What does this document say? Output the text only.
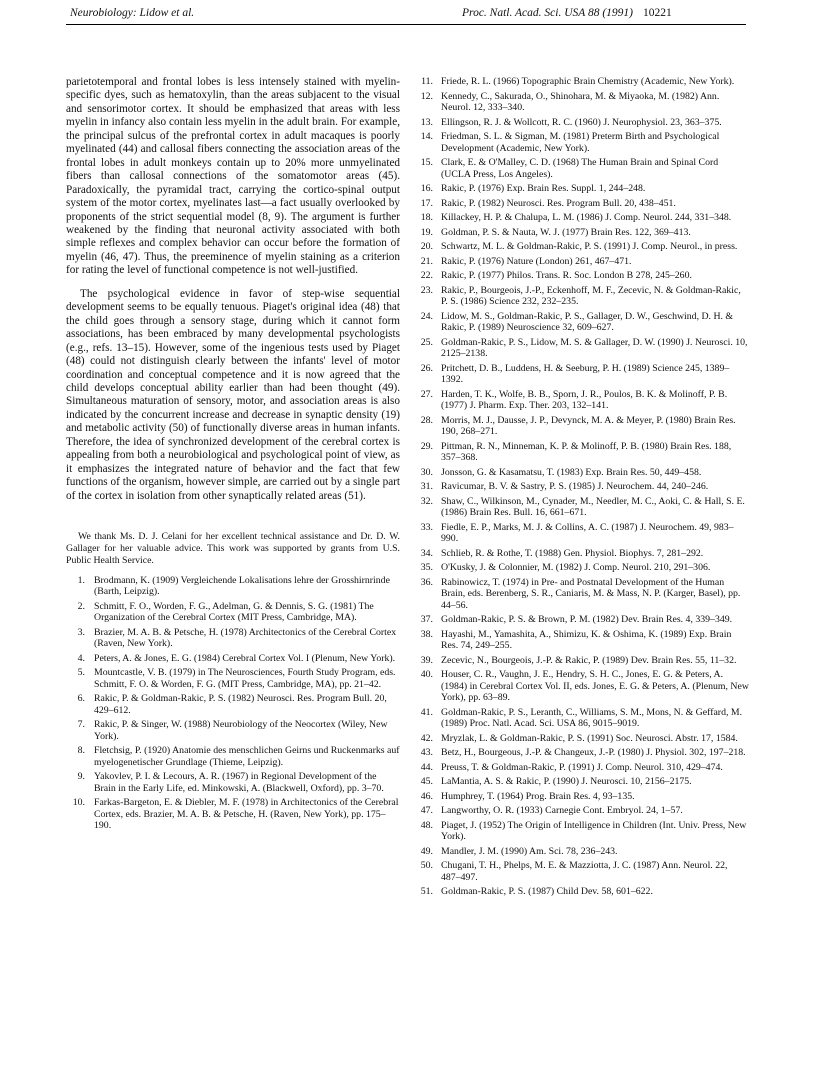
Neurobiology: Lidow et al.	Proc. Natl. Acad. Sci. USA 88 (1991) 10221

parietotemporal and frontal lobes is less intensely stained with myelin-specific dyes, such as hematoxylin, than the areas subjacent to the visual and sensorimotor cortex. It should be emphasized that areas with less myelin in infancy also contain less myelin in the adult brain. For example, the principal sulcus of the prefrontal cortex in adult macaques is poorly myelinated (44) and callosal fibers connecting the association areas of the frontal lobes in adult monkeys contain up to 20% more unmyelinated fibers than callosal connections of the somatomotor areas (45). Paradoxically, the pyramidal tract, carrying the cortico-spinal output system of the motor cortex, myelinates last—a fact usually overlooked by proponents of the strict sequential model (8, 9). The argument is further weakened by the finding that neuronal activity associated with both simple reflexes and complex behavior can occur before the formation of myelin (46, 47). Thus, the preeminence of myelin staining as a criterion for rating the level of functional competence is not well-justified.

The psychological evidence in favor of step-wise sequential development seems to be equally tenuous. Piaget's original idea (48) that the child goes through a sensory stage, during which it cannot form associations, has been embraced by many developmental psychologists (e.g., refs. 13–15). However, some of the ingenious tests used by Piaget (48) could not distinguish clearly between the infants' level of motor coordination and conceptual competence and it is now agreed that the child develops conceptual ability earlier than had been thought (49). Simultaneous maturation of sensory, motor, and association areas is also indicated by the concurrent increase and decrease in synaptic density (19) and metabolic activity (50) of functionally diverse areas in human infants. Therefore, the idea of synchronized development of the cerebral cortex is appealing from both a neurobiological and psychological point of view, as it emphasizes the integrated nature of behavior and the fact that few functions of the organism, however simple, are carried out by a single part of the cortex in isolation from other synaptically related areas (51).

We thank Ms. D. J. Celani for her excellent technical assistance and Dr. D. W. Gallager for her valuable advice. This work was supported by grants from U.S. Public Health Service.

1. Brodmann, K. (1909) Vergleichende Lokalisations lehre der Grosshirnrinde (Barth, Leipzig).
2. Schmitt, F. O., Worden, F. G., Adelman, G. & Dennis, S. G. (1981) The Organization of the Cerebral Cortex (MIT Press, Cambridge, MA).
3. Brazier, M. A. B. & Petsche, H. (1978) Architectonics of the Cerebral Cortex (Raven, New York).
4. Peters, A. & Jones, E. G. (1984) Cerebral Cortex Vol. I (Plenum, New York).
5. Mountcastle, V. B. (1979) in The Neurosciences, Fourth Study Program, eds. Schmitt, F. O. & Worden, F. G. (MIT Press, Cambridge, MA), pp. 21–42.
6. Rakic, P. & Goldman-Rakic, P. S. (1982) Neurosci. Res. Program Bull. 20, 429–612.
7. Rakic, P. & Singer, W. (1988) Neurobiology of the Neocortex (Wiley, New York).
8. Fletchsig, P. (1920) Anatomie des menschlichen Geirns und Ruckenmarks auf myelogenetischer Grundlage (Thieme, Leipzig).
9. Yakovlev, P. I. & Lecours, A. R. (1967) in Regional Development of the Brain in the Early Life, ed. Minkowski, A. (Blackwell, Oxford), pp. 3–70.
10. Farkas-Bargeton, E. & Diebler, M. F. (1978) in Architectonics of the Cerebral Cortex, eds. Brazier, M. A. B. & Petsche, H. (Raven, New York), pp. 175–190.
11. Friede, R. L. (1966) Topographic Brain Chemistry (Academic, New York).
12. Kennedy, C., Sakurada, O., Shinohara, M. & Miyaoka, M. (1982) Ann. Neurol. 12, 333–340.
13. Ellingson, R. J. & Wollcott, R. C. (1960) J. Neurophysiol. 23, 363–375.
14. Friedman, S. L. & Sigman, M. (1981) Preterm Birth and Psychological Development (Academic, New York).
15. Clark, E. & O'Malley, C. D. (1968) The Human Brain and Spinal Cord (UCLA Press, Los Angeles).
16. Rakic, P. (1976) Exp. Brain Res. Suppl. 1, 244–248.
17. Rakic, P. (1982) Neurosci. Res. Program Bull. 20, 438–451.
18. Killackey, H. P. & Chalupa, L. M. (1986) J. Comp. Neurol. 244, 331–348.
19. Goldman, P. S. & Nauta, W. J. (1977) Brain Res. 122, 369–413.
20. Schwartz, M. L. & Goldman-Rakic, P. S. (1991) J. Comp. Neurol., in press.
21. Rakic, P. (1976) Nature (London) 261, 467–471.
22. Rakic, P. (1977) Philos. Trans. R. Soc. London B 278, 245–260.
23. Rakic, P., Bourgeois, J.-P., Eckenhoff, M. F., Zecevic, N. & Goldman-Rakic, P. S. (1986) Science 232, 232–235.
24. Lidow, M. S., Goldman-Rakic, P. S., Gallager, D. W., Geschwind, D. H. & Rakic, P. (1989) Neuroscience 32, 609–627.
25. Goldman-Rakic, P. S., Lidow, M. S. & Gallager, D. W. (1990) J. Neurosci. 10, 2125–2138.
26. Pritchett, D. B., Luddens, H. & Seeburg, P. H. (1989) Science 245, 1389–1392.
27. Harden, T. K., Wolfe, B. B., Sporn, J. R., Poulos, B. K. & Molinoff, P. B. (1977) J. Pharm. Exp. Ther. 203, 132–141.
28. Morris, M. J., Dausse, J. P., Devynck, M. A. & Meyer, P. (1980) Brain Res. 190, 268–271.
29. Pittman, R. N., Minneman, K. P. & Molinoff, P. B. (1980) Brain Res. 188, 357–368.
30. Jonsson, G. & Kasamatsu, T. (1983) Exp. Brain Res. 50, 449–458.
31. Ravicumar, B. V. & Sastry, P. S. (1985) J. Neurochem. 44, 240–246.
32. Shaw, C., Wilkinson, M., Cynader, M., Needler, M. C., Aoki, C. & Hall, S. E. (1986) Brain Res. Bull. 16, 661–671.
33. Fiedle, E. P., Marks, M. J. & Collins, A. C. (1987) J. Neurochem. 49, 983–990.
34. Schlieb, R. & Rothe, T. (1988) Gen. Physiol. Biophys. 7, 281–292.
35. O'Kusky, J. & Colonnier, M. (1982) J. Comp. Neurol. 210, 291–306.
36. Rabinowicz, T. (1974) in Pre- and Postnatal Development of the Human Brain, eds. Berenberg, S. R., Caniaris, M. & Mass, N. P. (Karger, Basel), pp. 44–56.
37. Goldman-Rakic, P. S. & Brown, P. M. (1982) Dev. Brain Res. 4, 339–349.
38. Hayashi, M., Yamashita, A., Shimizu, K. & Oshima, K. (1989) Exp. Brain Res. 74, 249–255.
39. Zecevic, N., Bourgeois, J.-P. & Rakic, P. (1989) Dev. Brain Res. 55, 11–32.
40. Houser, C. R., Vaughn, J. E., Hendry, S. H. C., Jones, E. G. & Peters, A. (1984) in Cerebral Cortex Vol. II, eds. Jones, E. G. & Peters, A. (Plenum, New York), pp. 63–89.
41. Goldman-Rakic, P. S., Leranth, C., Williams, S. M., Mons, N. & Geffard, M. (1989) Proc. Natl. Acad. Sci. USA 86, 9015–9019.
42. Mryzlak, L. & Goldman-Rakic, P. S. (1991) Soc. Neurosci. Abstr. 17, 1584.
43. Betz, H., Bourgeous, J.-P. & Changeux, J.-P. (1980) J. Physiol. 302, 197–218.
44. Preuss, T. & Goldman-Rakic, P. (1991) J. Comp. Neurol. 310, 429–474.
45. LaMantia, A. S. & Rakic, P. (1990) J. Neurosci. 10, 2156–2175.
46. Humphrey, T. (1964) Prog. Brain Res. 4, 93–135.
47. Langworthy, O. R. (1933) Carnegie Cont. Embryol. 24, 1–57.
48. Piaget, J. (1952) The Origin of Intelligence in Children (Int. Univ. Press, New York).
49. Mandler, J. M. (1990) Am. Sci. 78, 236–243.
50. Chugani, T. H., Phelps, M. E. & Mazziotta, J. C. (1987) Ann. Neurol. 22, 487–497.
51. Goldman-Rakic, P. S. (1987) Child Dev. 58, 601–622.
